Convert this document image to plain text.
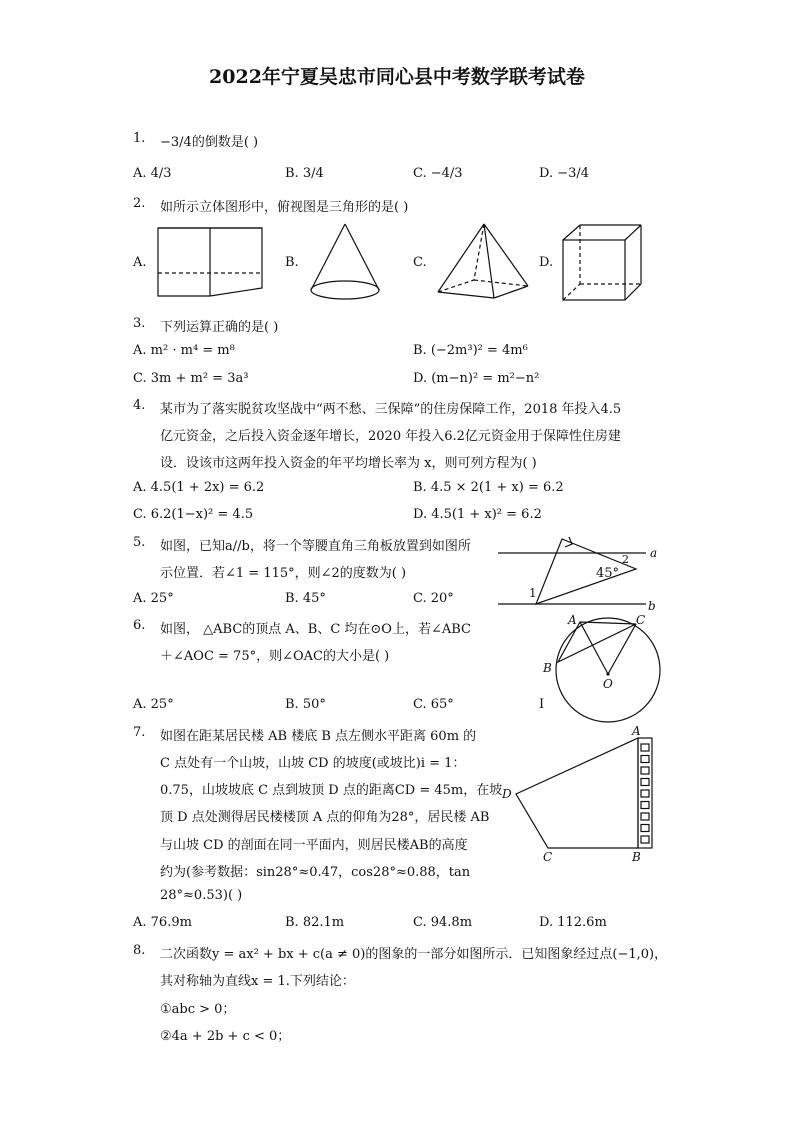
2022年宁夏吴忠市同心县中考数学联考试卷
1. −3/4的倒数是( )
A. 4/3	B. 3/4	C. −4/3	D. −3/4
2. 如所示立体图形中，俯视图是三角形的是( )
A.	B.	C.	D.
3. 下列运算正确的是( )
A. m² · m⁴ = m⁸	B. (−2m³)² = 4m⁶
C. 3m + m² = 3a³	D. (m−n)² = m²−n²
4. 某市为了落实脱贫攻坚战中“两不愁、三保障”的住房保障工作，2018 年投入4.5
亿元资金，之后投入资金逐年增长，2020 年投入6.2亿元资金用于保障性住房建
设．设该市这两年投入资金的年平均增长率为 x，则可列方程为( )
A. 4.5(1 + 2x) = 6.2	B. 4.5 × 2(1 + x) = 6.2
C. 6.2(1−x)² = 4.5	D. 4.5(1 + x)² = 6.2
5. 如图，已知a//b，将一个等腰直角三角板放置到如图所
示位置．若∠1 = 115°，则∠2的度数为( )
A. 25°	B. 45°	C. 20°
a
b
1
2
45°
6. 如图， △ABC的顶点 A、B、C 均在⊙O上，若∠ABC
＋∠AOC = 75°，则∠OAC的大小是( )
A. 25°	B. 50°	C. 65°	I
A	C
B
O
7. 如图在距某居民楼 AB 楼底 B 点左侧水平距离 60m 的
C 点处有一个山坡，山坡 CD 的坡度(或坡比)i = 1：
0.75，山坡坡底 C 点到坡顶 D 点的距离CD = 45m，在坡
顶 D 点处测得居民楼楼顶 A 点的仰角为28°，居民楼 AB
与山坡 CD 的剖面在同一平面内，则居民楼AB的高度
约为(参考数据：sin28°≈0.47，cos28°≈0.88，tan
28°≈0.53)( )
A. 76.9m	B. 82.1m	C. 94.8m	D. 112.6m
A
D
C	B
8. 二次函数y = ax² + bx + c(a ≠ 0)的图象的一部分如图所示．已知图象经过点(−1,0)，
其对称轴为直线x = 1.下列结论：
①abc > 0；
②4a + 2b + c < 0；
